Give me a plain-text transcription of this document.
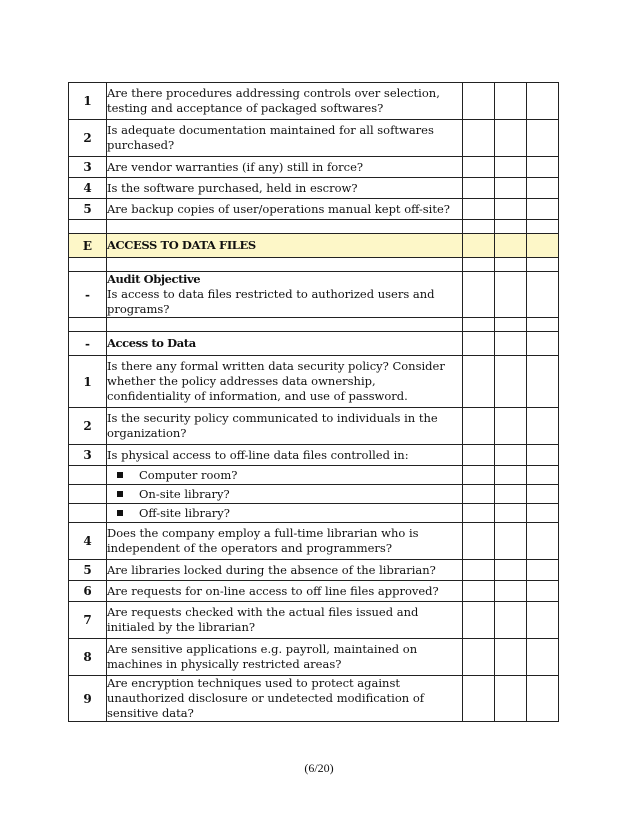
1	Are there procedures addressing controls over selection, testing and acceptance of packaged softwares?			
2	Is adequate documentation maintained for all softwares purchased?			
3	Are vendor warranties (if any) still in force?			
4	Is the software purchased, held in escrow?			
5	Are backup copies of user/operations manual kept off-site?			

E	ACCESS TO DATA FILES			

-	Audit Objective
Is access to data files restricted to authorized users and programs?			

-	Access to Data			
1	Is there any formal written data security policy? Consider whether the policy addresses data ownership, confidentiality of information, and use of password.			
2	Is the security policy communicated to individuals in the organization?			
3	Is physical access to off-line data files controlled in:			
	Computer room?			
	On-site library?			
	Off-site library?			
4	Does the company employ a full-time librarian who is independent of the operators and programmers?			
5	Are libraries locked during the absence of the librarian?			
6	Are requests for on-line access to off line files approved?			
7	Are requests checked with the actual files issued and initialed by the librarian?			
8	Are sensitive applications e.g. payroll, maintained on machines in physically restricted areas?			
9	Are encryption techniques used to protect against unauthorized disclosure or undetected modification of sensitive data?			
(6/20)
